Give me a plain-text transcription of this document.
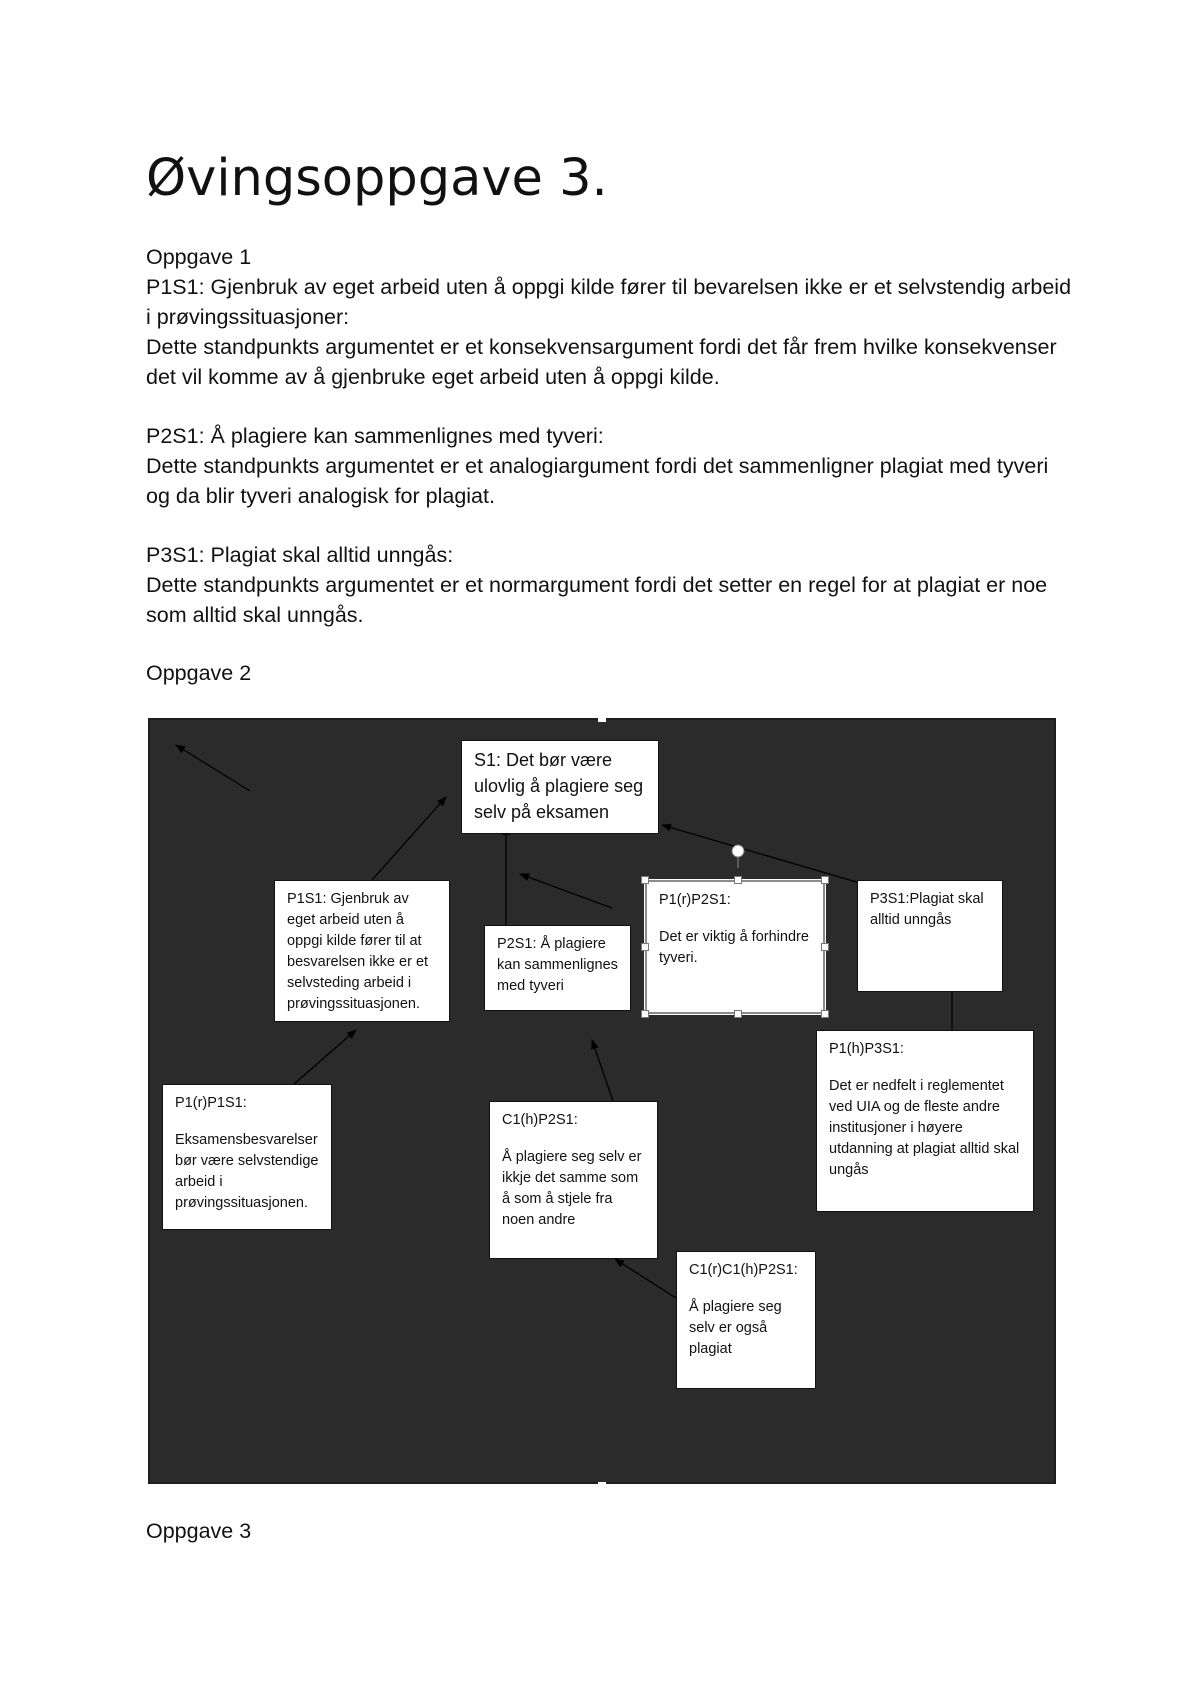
Øvingsoppgave 3.

Oppgave 1

P1S1: Gjenbruk av eget arbeid uten å oppgi kilde fører til bevarelsen ikke er et selvstendig arbeid i prøvingssituasjoner:

Dette standpunkts argumentet er et konsekvensargument fordi det får frem hvilke konsekvenser det vil komme av å gjenbruke eget arbeid uten å oppgi kilde.

P2S1: Å plagiere kan sammenlignes med tyveri:

Dette standpunkts argumentet er et analogiargument fordi det sammenligner plagiat med tyveri og da blir tyveri analogisk for plagiat.

P3S1: Plagiat skal alltid unngås:

Dette standpunkts argumentet er et normargument fordi det setter en regel for at plagiat er noe som alltid skal unngås.

Oppgave 2
S1: Det bør være ulovlig å plagiere seg selv på eksamen
P1S1: Gjenbruk av eget arbeid uten å oppgi kilde fører til at besvarelsen ikke er et selvsteding arbeid i prøvingssituasjonen.
P2S1: Å plagiere kan sammenlignes med tyveri
P1(r)P2S1:
Det er viktig å forhindre tyveri.
P3S1:Plagiat skal alltid unngås
P1(r)P1S1:
Eksamensbesvarelser bør være selvstendige arbeid i prøvingssituasjonen.
C1(h)P2S1:
Å plagiere seg selv er ikkje det samme som å som å stjele fra noen andre
P1(h)P3S1:
Det er nedfelt i reglementet ved UIA og de fleste andre institusjoner i høyere utdanning at plagiat alltid skal ungås
C1(r)C1(h)P2S1:
Å plagiere seg selv er også plagiat
Oppgave 3
